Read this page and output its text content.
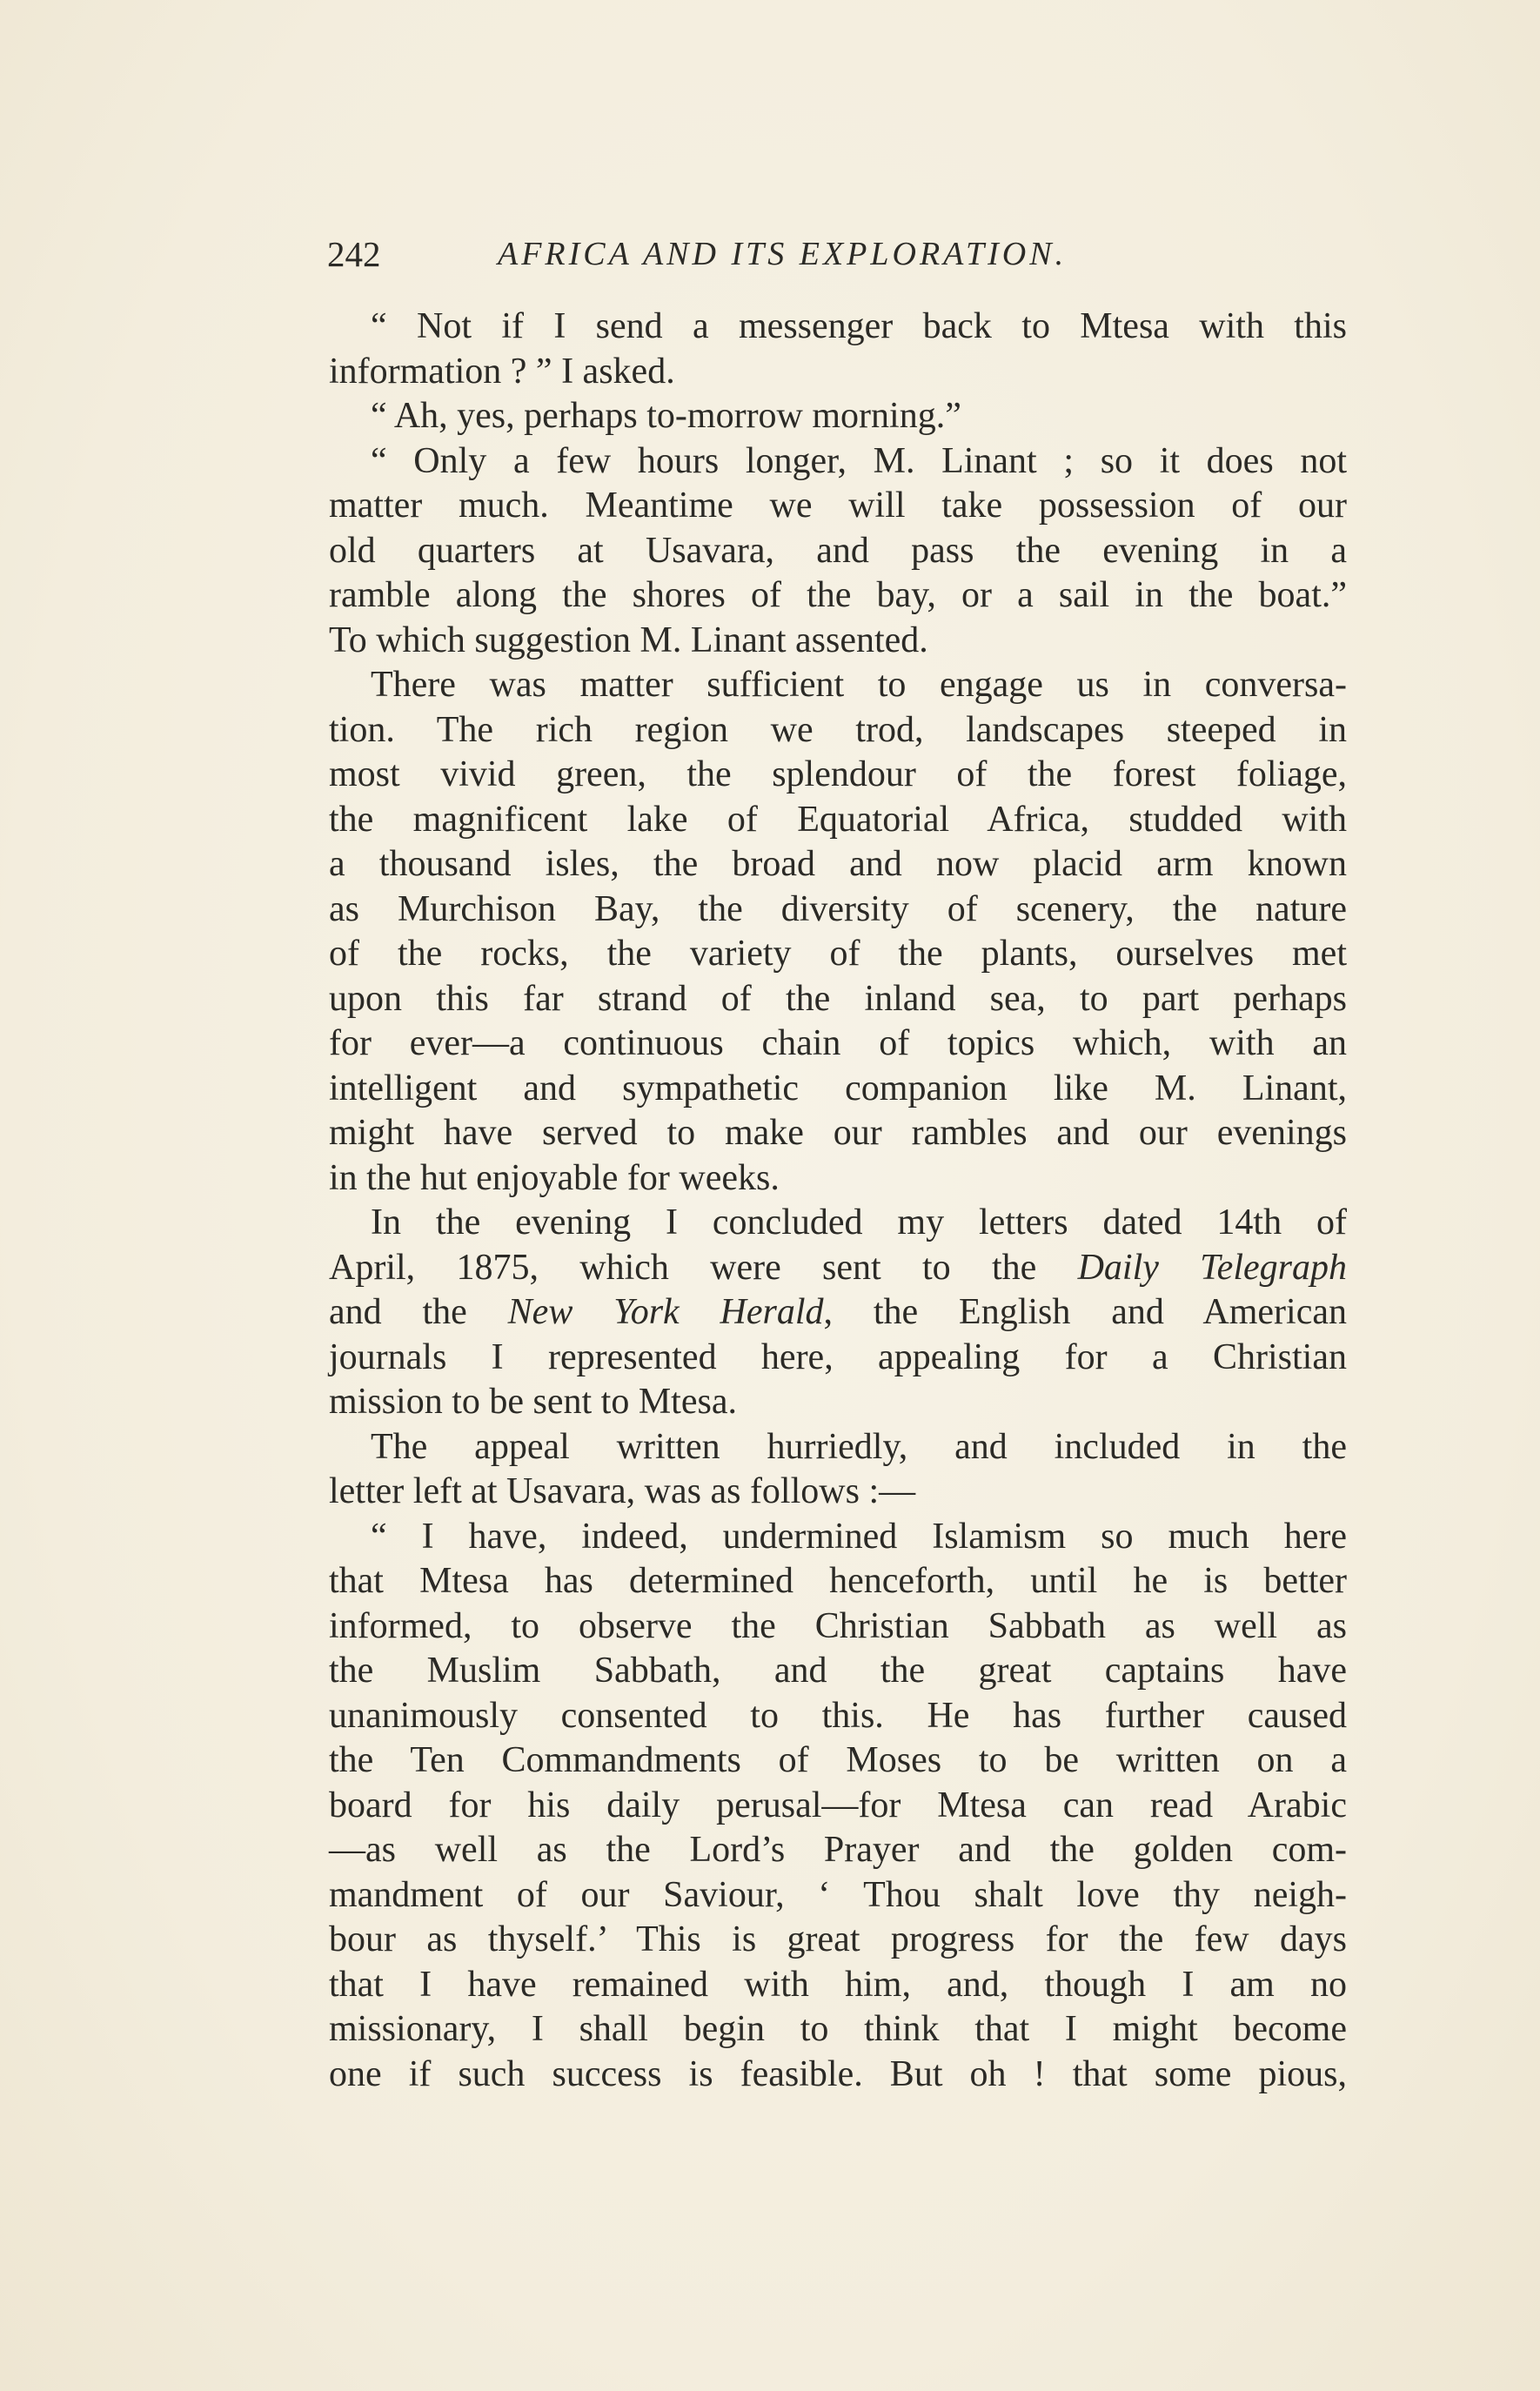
242	AFRICA AND ITS EXPLORATION.
“ Not if I send a messenger back to Mtesa with this
information ? ” I asked.
“ Ah, yes, perhaps to-morrow morning.”
“ Only a few hours longer, M. Linant ; so it does not
matter much. Meantime we will take possession of our
old quarters at Usavara, and pass the evening in a
ramble along the shores of the bay, or a sail in the boat.”
To which suggestion M. Linant assented.
There was matter sufficient to engage us in conversa-
tion. The rich region we trod, landscapes steeped in
most vivid green, the splendour of the forest foliage,
the magnificent lake of Equatorial Africa, studded with
a thousand isles, the broad and now placid arm known
as Murchison Bay, the diversity of scenery, the nature
of the rocks, the variety of the plants, ourselves met
upon this far strand of the inland sea, to part perhaps
for ever—a continuous chain of topics which, with an
intelligent and sympathetic companion like M. Linant,
might have served to make our rambles and our evenings
in the hut enjoyable for weeks.
In the evening I concluded my letters dated 14th of
April, 1875, which were sent to the Daily Telegraph
and the New York Herald, the English and American
journals I represented here, appealing for a Christian
mission to be sent to Mtesa.
The appeal written hurriedly, and included in the
letter left at Usavara, was as follows :—
“ I have, indeed, undermined Islamism so much here
that Mtesa has determined henceforth, until he is better
informed, to observe the Christian Sabbath as well as
the Muslim Sabbath, and the great captains have
unanimously consented to this. He has further caused
the Ten Commandments of Moses to be written on a
board for his daily perusal—for Mtesa can read Arabic
—as well as the Lord’s Prayer and the golden com-
mandment of our Saviour, ‘ Thou shalt love thy neigh-
bour as thyself.’ This is great progress for the few days
that I have remained with him, and, though I am no
missionary, I shall begin to think that I might become
one if such success is feasible. But oh ! that some pious,
